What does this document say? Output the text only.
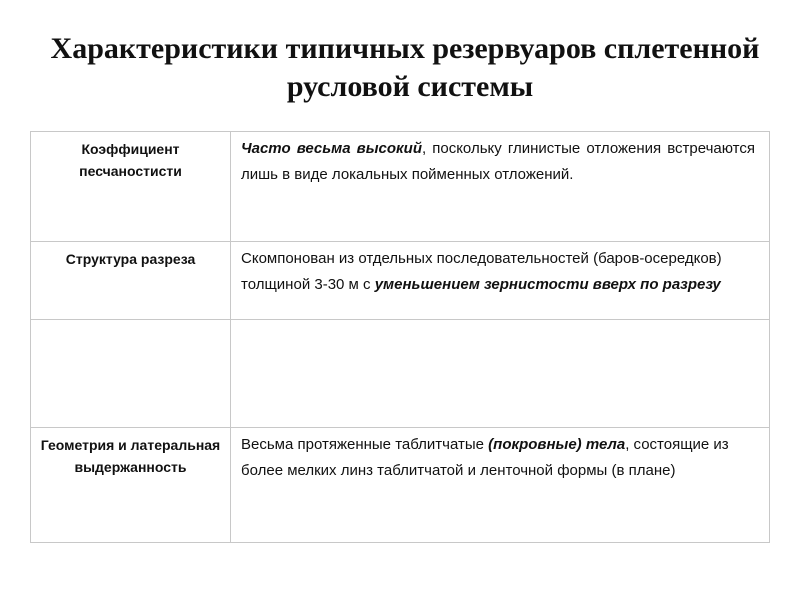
Характеристики типичных резервуаров сплетенной
русловой системы
Коэффициент песчаностисти	Часто весьма высокий, поскольку глинистые отложения встречаются лишь в виде локальных пойменных отложений.

Структура разреза	Скомпонован из отдельных последовательностей (баров-осередков) толщиной 3-30 м с уменьшением зернистости вверх по разрезу

Геометрия и латеральная выдержанность	Весьма протяженные таблитчатые (покровные) тела, состоящие из более мелких линз таблитчатой и ленточной формы (в плане)
